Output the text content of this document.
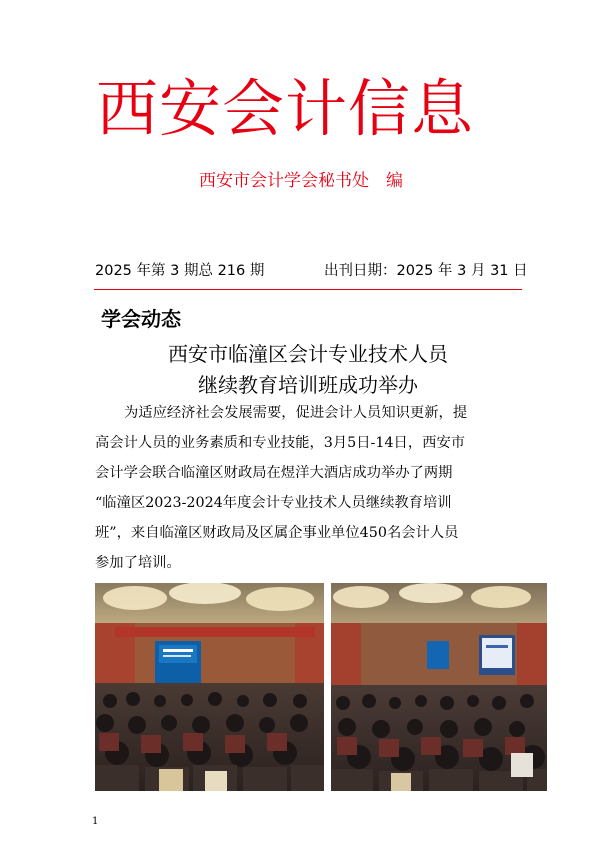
西安会计信息
西安市会计学会秘书处　编
2025 年第 3 期总 216 期	出刊日期：2025 年 3 月 31 日
学会动态
西安市临潼区会计专业技术人员
继续教育培训班成功举办
为适应经济社会发展需要，促进会计人员知识更新，提
高会计人员的业务素质和专业技能，3月5日-14日，西安市
会计学会联合临潼区财政局在煜洋大酒店成功举办了两期
“临潼区2023-2024年度会计专业技术人员继续教育培训
班”，来自临潼区财政局及区属企事业单位450名会计人员
参加了培训。
1
